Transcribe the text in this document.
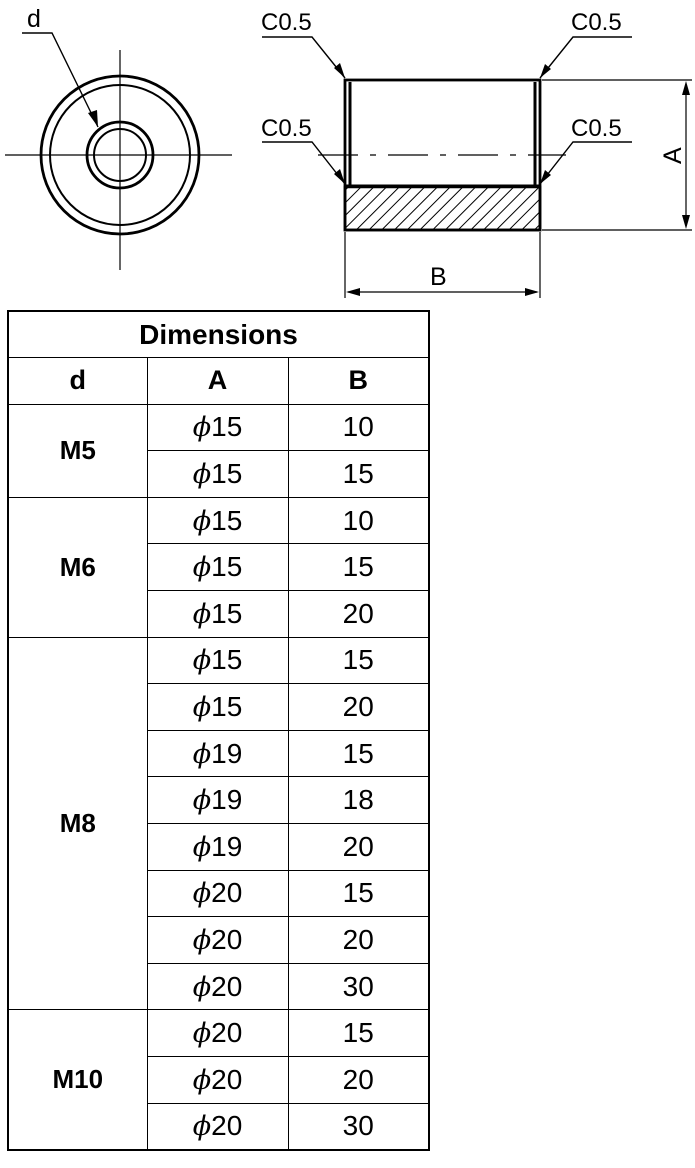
d	C0.5	C0.5
C0.5	C0.5
A
B
Dimensions		
d	A	B
M5	ϕ15	10
	ϕ15	15
M6	ϕ15	10
	ϕ15	15
	ϕ15	20
M8	ϕ15	15
	ϕ15	20
	ϕ19	15
	ϕ19	18
	ϕ19	20
	ϕ20	15
	ϕ20	20
	ϕ20	30
M10	ϕ20	15
	ϕ20	20
	ϕ20	30
